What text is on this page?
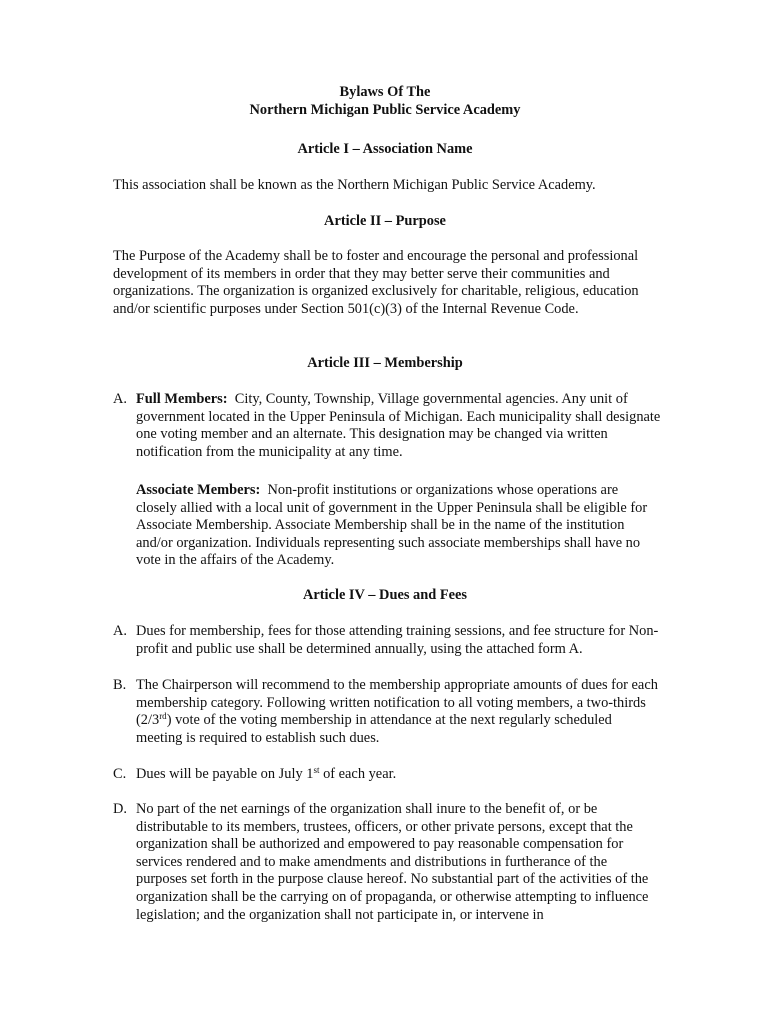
Bylaws Of The
Northern Michigan Public Service Academy
Article I – Association Name
This association shall be known as the Northern Michigan Public Service Academy.
Article II – Purpose
The Purpose of the Academy shall be to foster and encourage the personal and professional development of its members in order that they may better serve their communities and organizations. The organization is organized exclusively for charitable, religious, education and/or scientific purposes under Section 501(c)(3) of the Internal Revenue Code.
Article III – Membership
A. Full Members: City, County, Township, Village governmental agencies. Any unit of government located in the Upper Peninsula of Michigan. Each municipality shall designate one voting member and an alternate. This designation may be changed via written notification from the municipality at any time.
Associate Members: Non-profit institutions or organizations whose operations are closely allied with a local unit of government in the Upper Peninsula shall be eligible for Associate Membership. Associate Membership shall be in the name of the institution and/or organization. Individuals representing such associate memberships shall have no vote in the affairs of the Academy.
Article IV – Dues and Fees
A. Dues for membership, fees for those attending training sessions, and fee structure for Non-profit and public use shall be determined annually, using the attached form A.
B. The Chairperson will recommend to the membership appropriate amounts of dues for each membership category. Following written notification to all voting members, a two-thirds (2/3rd) vote of the voting membership in attendance at the next regularly scheduled meeting is required to establish such dues.
C. Dues will be payable on July 1st of each year.
D. No part of the net earnings of the organization shall inure to the benefit of, or be distributable to its members, trustees, officers, or other private persons, except that the organization shall be authorized and empowered to pay reasonable compensation for services rendered and to make amendments and distributions in furtherance of the purposes set forth in the purpose clause hereof. No substantial part of the activities of the organization shall be the carrying on of propaganda, or otherwise attempting to influence legislation; and the organization shall not participate in, or intervene in
